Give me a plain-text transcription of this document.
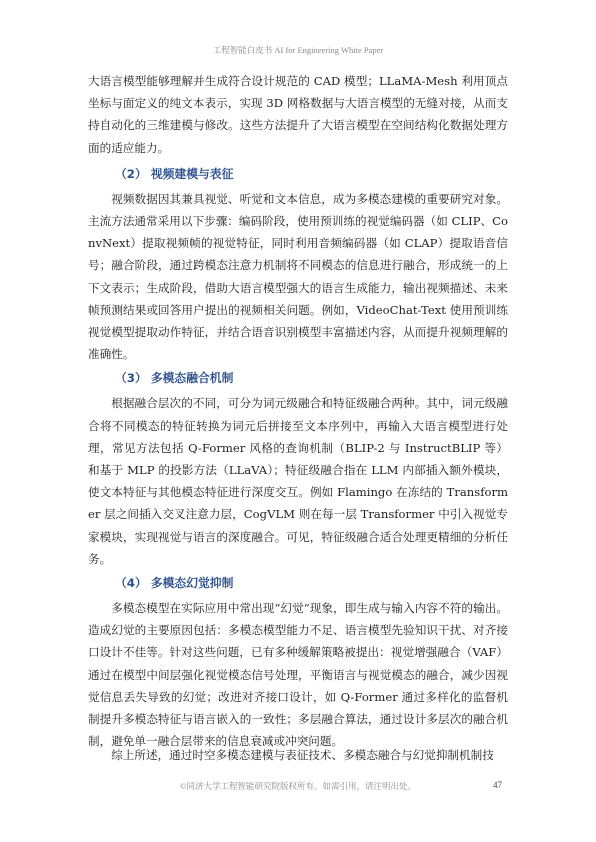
工程智能白皮书 AI for Engineering White Paper

大语言模型能够理解并生成符合设计规范的 CAD 模型；LLaMA-Mesh 利用顶点坐标与面定义的纯文本表示，实现 3D 网格数据与大语言模型的无缝对接，从而支持自动化的三维建模与修改。这些方法提升了大语言模型在空间结构化数据处理方面的适应能力。

（2） 视频建模与表征

视频数据因其兼具视觉、听觉和文本信息，成为多模态建模的重要研究对象。主流方法通常采用以下步骤：编码阶段，使用预训练的视觉编码器（如 CLIP、ConvNext）提取视频帧的视觉特征，同时利用音频编码器（如 CLAP）提取语音信号；融合阶段，通过跨模态注意力机制将不同模态的信息进行融合，形成统一的上下文表示；生成阶段，借助大语言模型强大的语言生成能力，输出视频描述、未来帧预测结果或回答用户提出的视频相关问题。例如，VideoChat-Text 使用预训练视觉模型提取动作特征，并结合语音识别模型丰富描述内容，从而提升视频理解的准确性。

（3） 多模态融合机制

根据融合层次的不同，可分为词元级融合和特征级融合两种。其中，词元级融合将不同模态的特征转换为词元后拼接至文本序列中，再输入大语言模型进行处理，常见方法包括 Q-Former 风格的查询机制（BLIP-2 与 InstructBLIP 等）和基于 MLP 的投影方法（LLaVA）；特征级融合指在 LLM 内部插入额外模块，使文本特征与其他模态特征进行深度交互。例如 Flamingo 在冻结的 Transformer 层之间插入交叉注意力层，CogVLM 则在每一层 Transformer 中引入视觉专家模块，实现视觉与语言的深度融合。可见，特征级融合适合处理更精细的分析任务。

（4） 多模态幻觉抑制

多模态模型在实际应用中常出现“幻觉”现象，即生成与输入内容不符的输出。造成幻觉的主要原因包括：多模态模型能力不足、语言模型先验知识干扰、对齐接口设计不佳等。针对这些问题，已有多种缓解策略被提出：视觉增强融合（VAF）通过在模型中间层强化视觉模态信号处理，平衡语言与视觉模态的融合，减少因视觉信息丢失导致的幻觉；改进对齐接口设计，如 Q-Former 通过多样化的监督机制提升多模态特征与语言嵌入的一致性；多层融合算法，通过设计多层次的融合机制，避免单一融合层带来的信息衰减或冲突问题。

综上所述，通过时空多模态建模与表征技术、多模态融合与幻觉抑制机制技

©同济大学工程智能研究院版权所有。如需引用，请注明出处。	47
